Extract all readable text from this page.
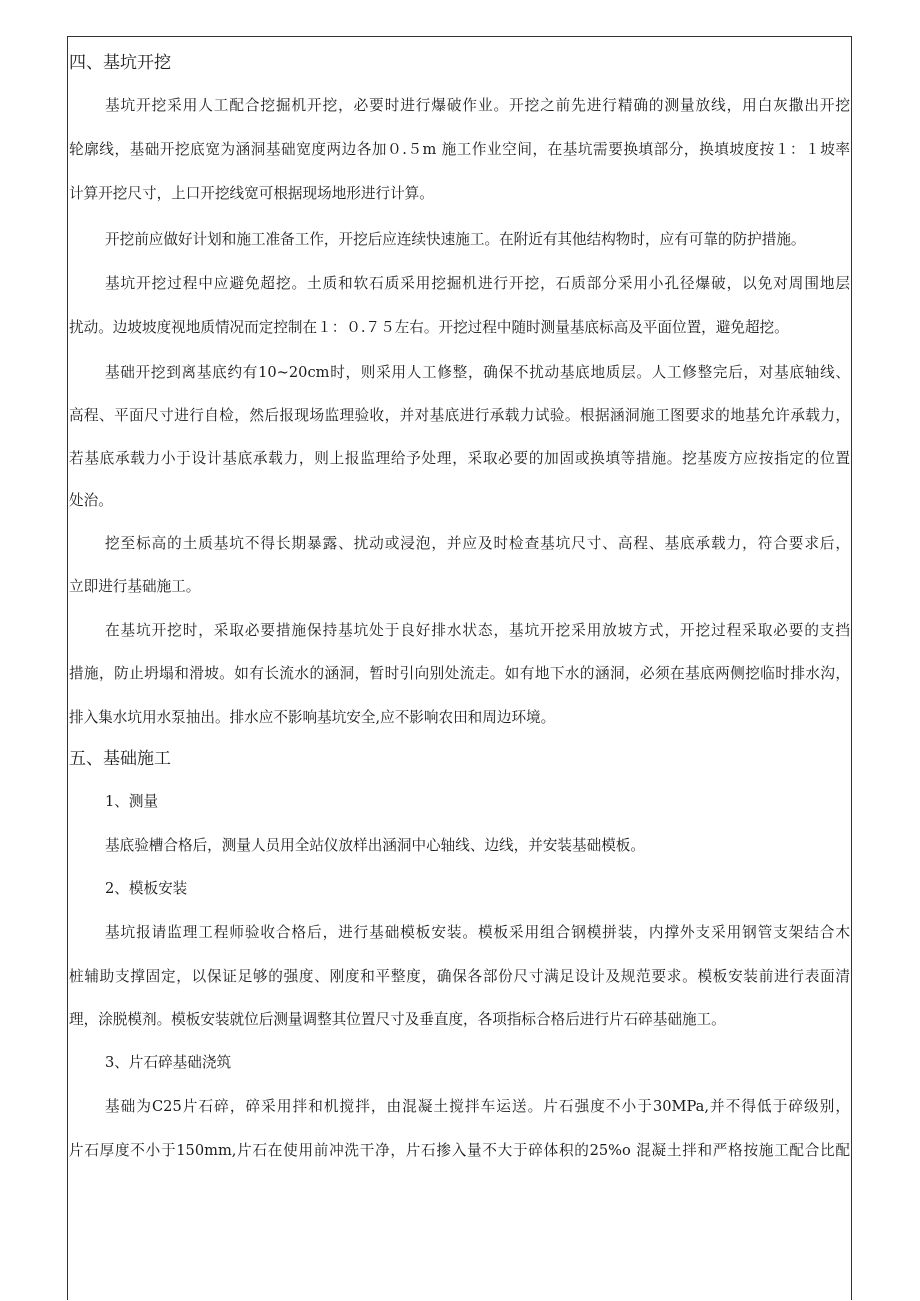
四、基坑开挖
基坑开挖采用人工配合挖掘机开挖，必要时进行爆破作业。开挖之前先进行精确的测量放线，用白灰撒出开挖
轮廓线，基础开挖底宽为涵洞基础宽度两边各加０.５m 施工作业空间，在基坑需要换填部分，换填坡度按１：１坡率
计算开挖尺寸，上口开挖线宽可根据现场地形进行计算。
开挖前应做好计划和施工准备工作，开挖后应连续快速施工。在附近有其他结构物时，应有可靠的防护措施。
基坑开挖过程中应避免超挖。土质和软石质采用挖掘机进行开挖，石质部分采用小孔径爆破，以免对周围地层
扰动。边坡坡度视地质情况而定控制在１：０.７５左右。开挖过程中随时测量基底标高及平面位置，避免超挖。
基础开挖到离基底约有10~20cm时，则采用人工修整，确保不扰动基底地质层。人工修整完后，对基底轴线、
高程、平面尺寸进行自检，然后报现场监理验收，并对基底进行承载力试验。根据涵洞施工图要求的地基允许承载力，
若基底承载力小于设计基底承载力，则上报监理给予处理，采取必要的加固或换填等措施。挖基废方应按指定的位置
处治。
挖至标高的土质基坑不得长期暴露、扰动或浸泡，并应及时检查基坑尺寸、高程、基底承载力，符合要求后，
立即进行基础施工。
在基坑开挖时，采取必要措施保持基坑处于良好排水状态，基坑开挖采用放坡方式，开挖过程采取必要的支挡
措施，防止坍塌和滑坡。如有长流水的涵洞，暂时引向别处流走。如有地下水的涵洞，必须在基底两侧挖临时排水沟，
排入集水坑用水泵抽出。排水应不影响基坑安全,应不影响农田和周边环境。
五、基础施工
1、测量
基底验槽合格后，测量人员用全站仪放样出涵洞中心轴线、边线，并安装基础模板。
2、模板安装
基坑报请监理工程师验收合格后，进行基础模板安装。模板采用组合钢模拼装，内撑外支采用钢管支架结合木
桩辅助支撑固定，以保证足够的强度、刚度和平整度，确保各部份尺寸满足设计及规范要求。模板安装前进行表面清
理，涂脱模剂。模板安装就位后测量调整其位置尺寸及垂直度，各项指标合格后进行片石碎基础施工。
3、片石碎基础浇筑
基础为C25片石碎，碎采用拌和机搅拌，由混凝土搅拌车运送。片石强度不小于30MPa,并不得低于碎级别，
片石厚度不小于150mm,片石在使用前冲洗干净，片石掺入量不大于碎体积的25%o 混凝土拌和严格按施工配合比配
